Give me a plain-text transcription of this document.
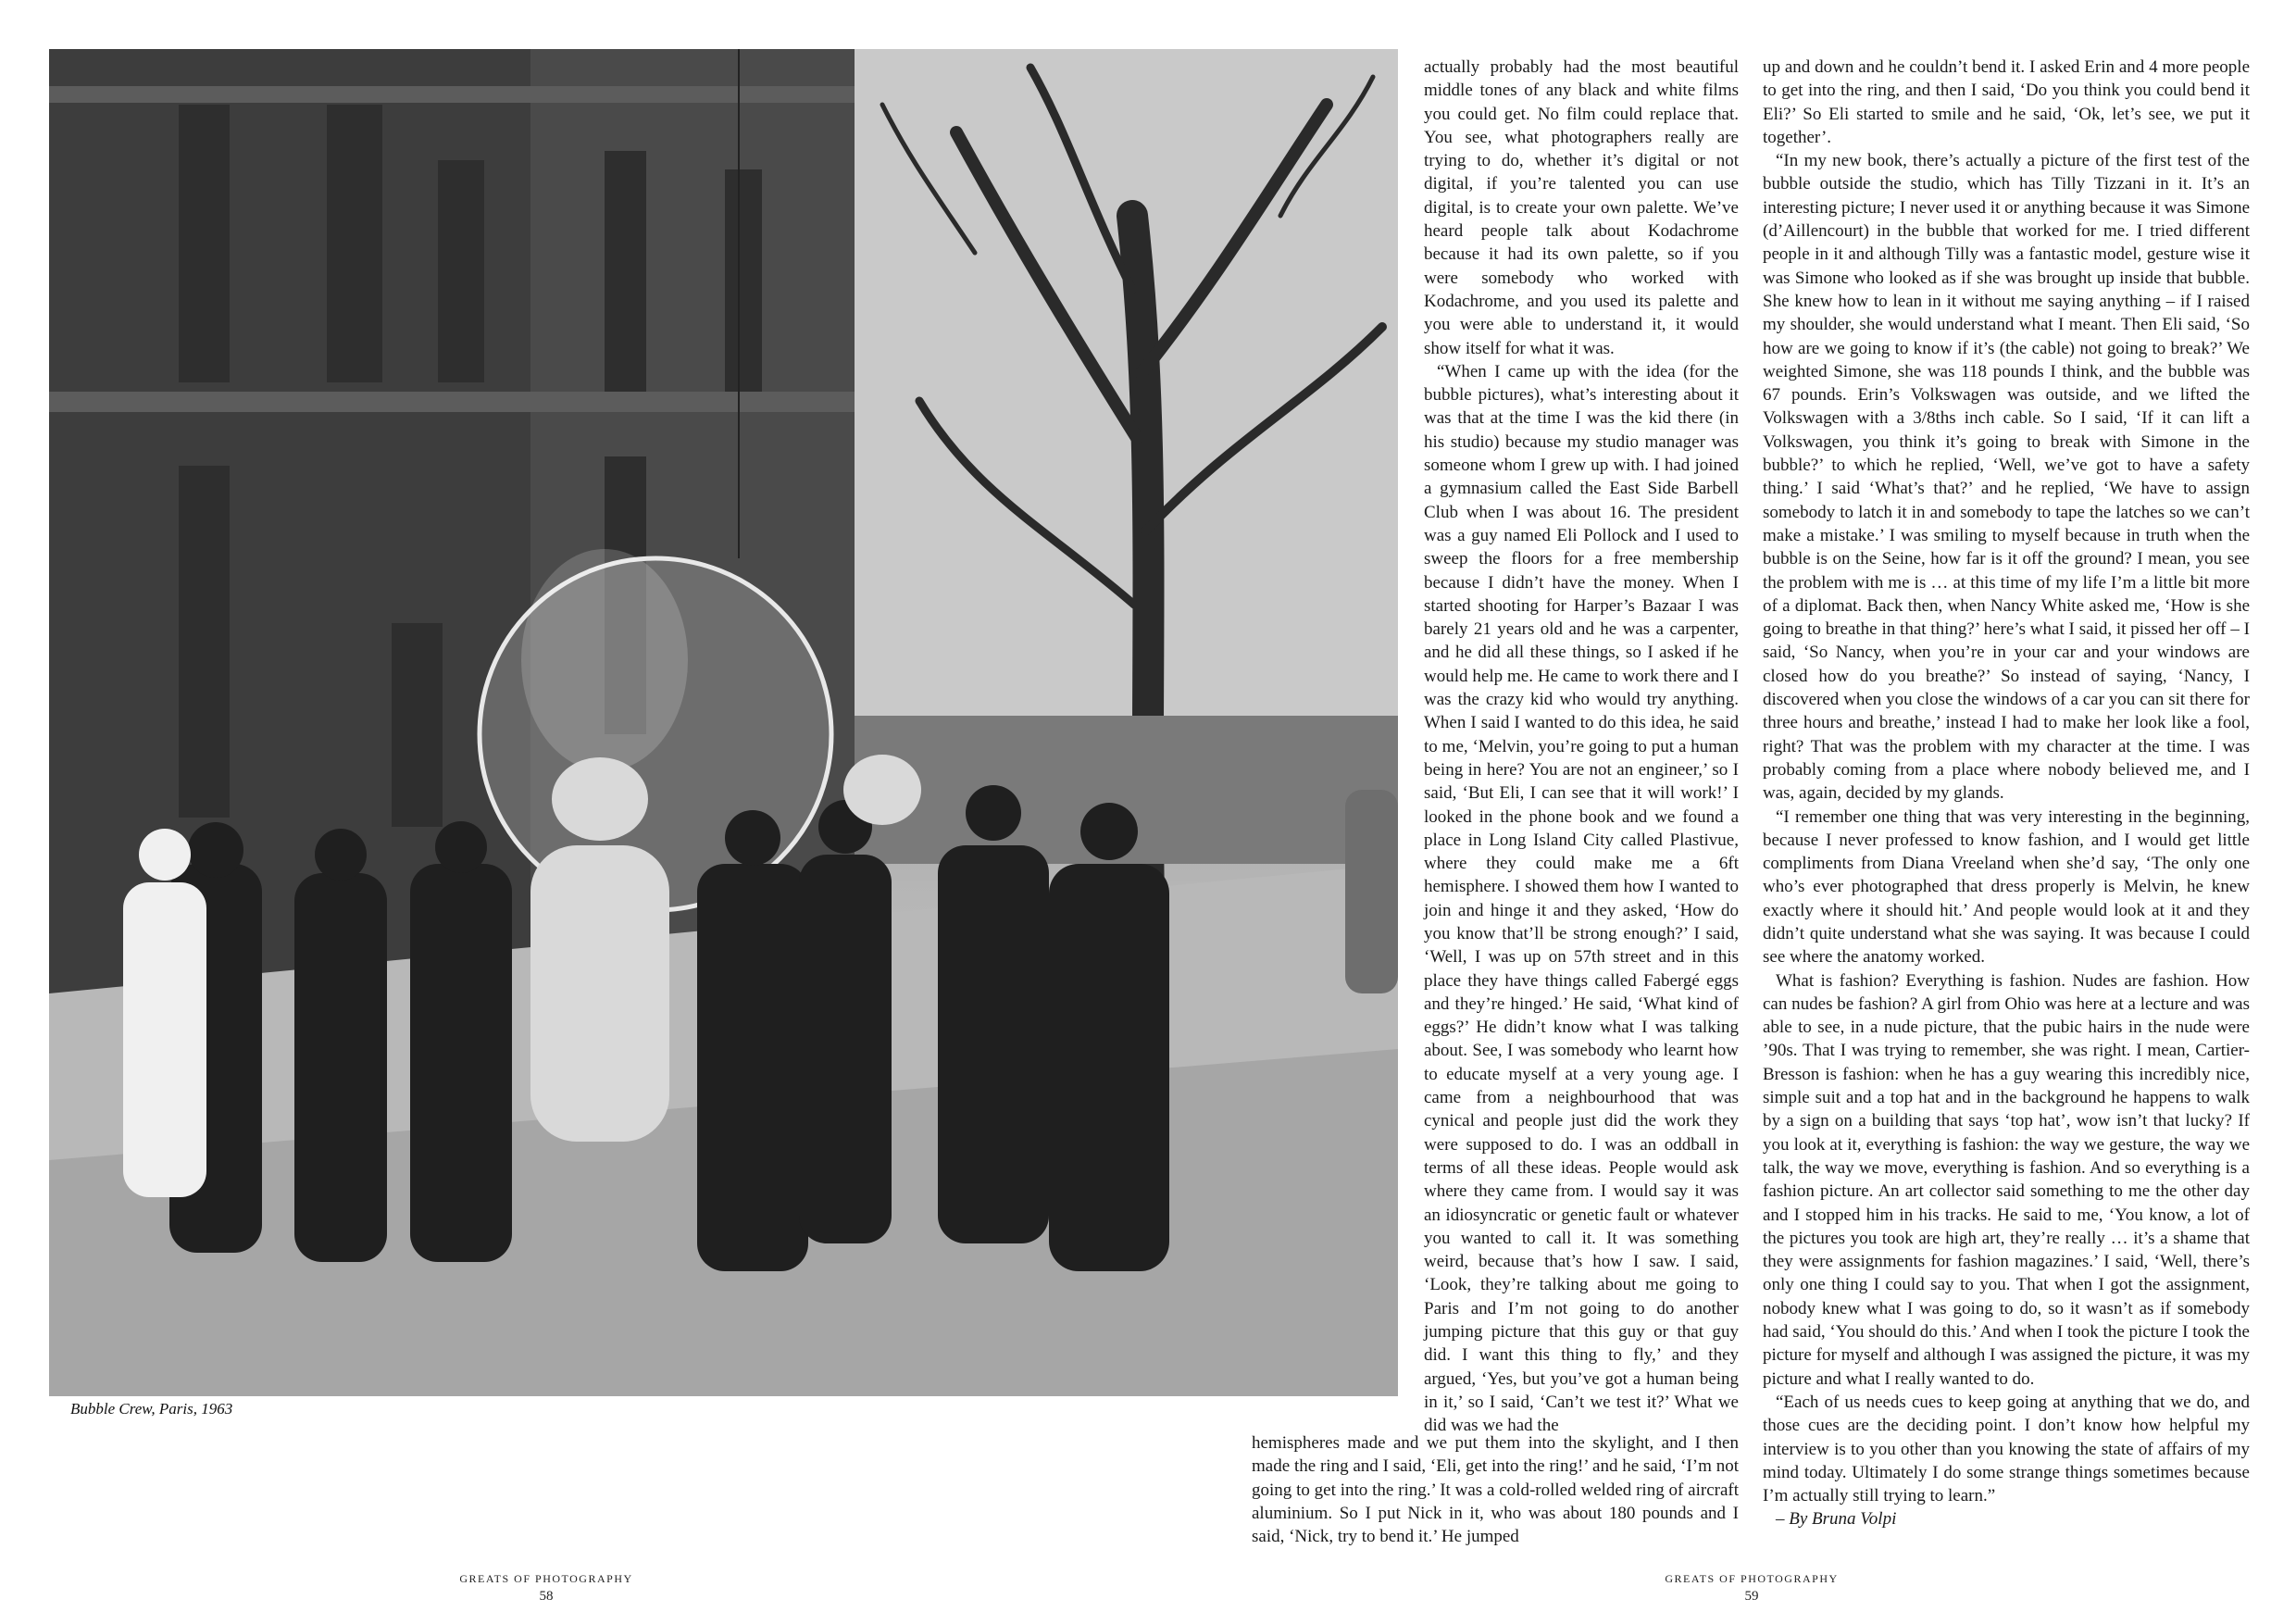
Bubble Crew, Paris, 1963

actually probably had the most beautiful middle tones of any black and white films you could get. No film could replace that. You see, what photographers really are trying to do, whether it’s digital or not digital, if you’re talented you can use digital, is to create your own palette. We’ve heard people talk about Kodachrome because it had its own palette, so if you were somebody who worked with Kodachrome, and you used its palette and you were able to understand it, it would show itself for what it was.

“When I came up with the idea (for the bubble pictures), what’s interesting about it was that at the time I was the kid there (in his studio) because my studio manager was someone whom I grew up with. I had joined a gymnasium called the East Side Barbell Club when I was about 16. The president was a guy named Eli Pollock and I used to sweep the floors for a free membership because I didn’t have the money. When I started shooting for Harper’s Bazaar I was barely 21 years old and he was a carpenter, and he did all these things, so I asked if he would help me. He came to work there and I was the crazy kid who would try anything. When I said I wanted to do this idea, he said to me, ‘Melvin, you’re going to put a human being in here? You are not an engineer,’ so I said, ‘But Eli, I can see that it will work!’ I looked in the phone book and we found a place in Long Island City called Plastivue, where they could make me a 6ft hemisphere. I showed them how I wanted to join and hinge it and they asked, ‘How do you know that’ll be strong enough?’ I said, ‘Well, I was up on 57th street and in this place they have things called Fabergé eggs and they’re hinged.’ He said, ‘What kind of eggs?’ He didn’t know what I was talking about. See, I was somebody who learnt how to educate myself at a very young age. I came from a neighbourhood that was cynical and people just did the work they were supposed to do. I was an oddball in terms of all these ideas. People would ask where they came from. I would say it was an idiosyncratic or genetic fault or whatever you wanted to call it. It was something weird, because that’s how I saw. I said, ‘Look, they’re talking about me going to Paris and I’m not going to do another jumping picture that this guy or that guy did. I want this thing to fly,’ and they argued, ‘Yes, but you’ve got a human being in it,’ so I said, ‘Can’t we test it?’ What we did was we had the

hemispheres made and we put them into the skylight, and I then made the ring and I said, ‘Eli, get into the ring!’ and he said, ‘I’m not going to get into the ring.’ It was a cold-rolled welded ring of aircraft aluminium. So I put Nick in it, who was about 180 pounds and I said, ‘Nick, try to bend it.’ He jumped

up and down and he couldn’t bend it. I asked Erin and 4 more people to get into the ring, and then I said, ‘Do you think you could bend it Eli?’ So Eli started to smile and he said, ‘Ok, let’s see, we put it together’.

“In my new book, there’s actually a picture of the first test of the bubble outside the studio, which has Tilly Tizzani in it. It’s an interesting picture; I never used it or anything because it was Simone (d’Aillencourt) in the bubble that worked for me. I tried different people in it and although Tilly was a fantastic model, gesture wise it was Simone who looked as if she was brought up inside that bubble. She knew how to lean in it without me saying anything – if I raised my shoulder, she would understand what I meant. Then Eli said, ‘So how are we going to know if it’s (the cable) not going to break?’ We weighted Simone, she was 118 pounds I think, and the bubble was 67 pounds. Erin’s Volkswagen was outside, and we lifted the Volkswagen with a 3/8ths inch cable. So I said, ‘If it can lift a Volkswagen, you think it’s going to break with Simone in the bubble?’ to which he replied, ‘Well, we’ve got to have a safety thing.’ I said ‘What’s that?’ and he replied, ‘We have to assign somebody to latch it in and somebody to tape the latches so we can’t make a mistake.’ I was smiling to myself because in truth when the bubble is on the Seine, how far is it off the ground? I mean, you see the problem with me is … at this time of my life I’m a little bit more of a diplomat. Back then, when Nancy White asked me, ‘How is she going to breathe in that thing?’ here’s what I said, it pissed her off – I said, ‘So Nancy, when you’re in your car and your windows are closed how do you breathe?’ So instead of saying, ‘Nancy, I discovered when you close the windows of a car you can sit there for three hours and breathe,’ instead I had to make her look like a fool, right? That was the problem with my character at the time. I was probably coming from a place where nobody believed me, and I was, again, decided by my glands.

“I remember one thing that was very interesting in the beginning, because I never professed to know fashion, and I would get little compliments from Diana Vreeland when she’d say, ‘The only one who’s ever photographed that dress properly is Melvin, he knew exactly where it should hit.’ And people would look at it and they didn’t quite understand what she was saying. It was because I could see where the anatomy worked.

What is fashion? Everything is fashion. Nudes are fashion. How can nudes be fashion? A girl from Ohio was here at a lecture and was able to see, in a nude picture, that the pubic hairs in the nude were ’90s. That I was trying to remember, she was right. I mean, Cartier-Bresson is fashion: when he has a guy wearing this incredibly nice, simple suit and a top hat and in the background he happens to walk by a sign on a building that says ‘top hat’, wow isn’t that lucky? If you look at it, everything is fashion: the way we gesture, the way we talk, the way we move, everything is fashion. And so everything is a fashion picture. An art collector said something to me the other day and I stopped him in his tracks. He said to me, ‘You know, a lot of the pictures you took are high art, they’re really … it’s a shame that they were assignments for fashion magazines.’ I said, ‘Well, there’s only one thing I could say to you. That when I got the assignment, nobody knew what I was going to do, so it wasn’t as if somebody had said, ‘You should do this.’ And when I took the picture I took the picture for myself and although I was assigned the picture, it was my picture and what I really wanted to do.

“Each of us needs cues to keep going at anything that we do, and those cues are the deciding point. I don’t know how helpful my interview is to you other than you knowing the state of affairs of my mind today. Ultimately I do some strange things sometimes because I’m actually still trying to learn.”

– By Bruna Volpi

GREATS OF PHOTOGRAPHY
58
GREATS OF PHOTOGRAPHY
59
